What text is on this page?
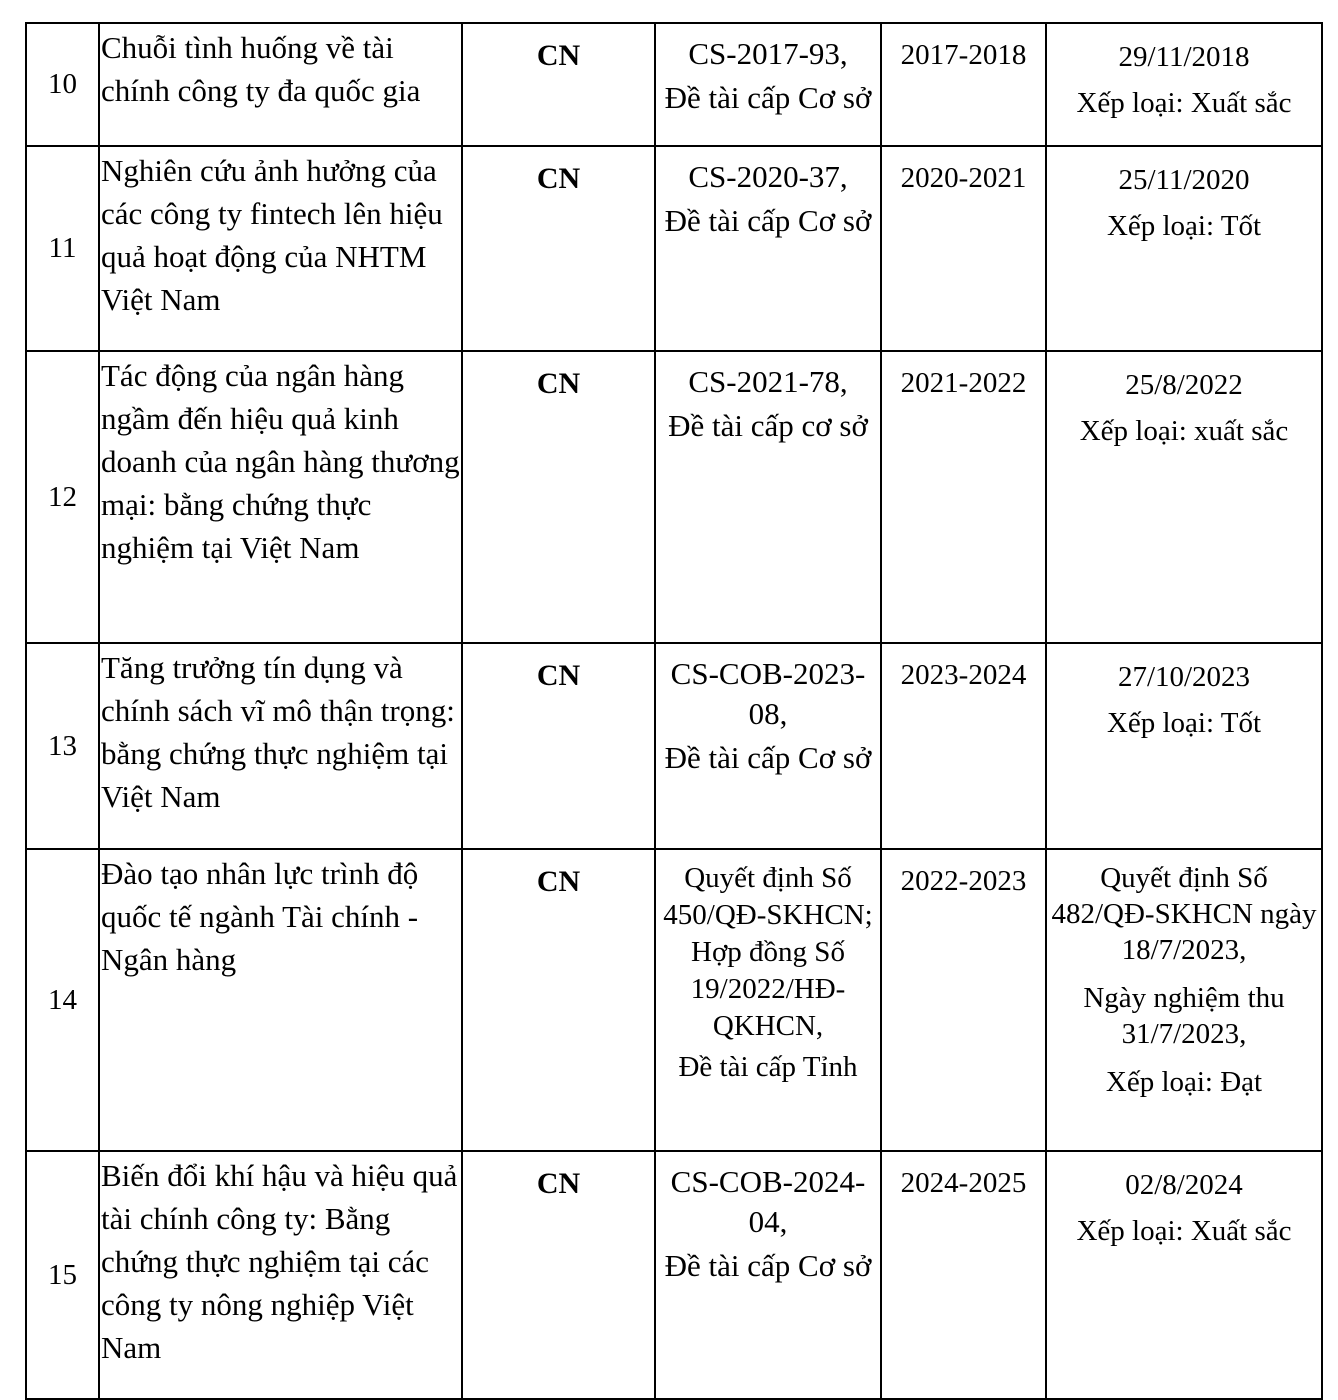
10	Chuỗi tình huống về tài chính công ty đa quốc gia	CN	CS-2017-93,
Đề tài cấp Cơ sở	2017-2018	29/11/2018
Xếp loại: Xuất sắc

11	Nghiên cứu ảnh hưởng của các công ty fintech lên hiệu quả hoạt động của NHTM Việt Nam	CN	CS-2020-37,
Đề tài cấp Cơ sở	2020-2021	25/11/2020
Xếp loại: Tốt

12	Tác động của ngân hàng ngầm đến hiệu quả kinh doanh của ngân hàng thương mại: bằng chứng thực nghiệm tại Việt Nam	CN	CS-2021-78,
Đề tài cấp cơ sở	2021-2022	25/8/2022
Xếp loại: xuất sắc

13	Tăng trưởng tín dụng và chính sách vĩ mô thận trọng: bằng chứng thực nghiệm tại Việt Nam	CN	CS-COB-2023-08,
Đề tài cấp Cơ sở	2023-2024	27/10/2023
Xếp loại: Tốt

14	Đào tạo nhân lực trình độ quốc tế ngành Tài chính - Ngân hàng	CN	Quyết định Số 450/QĐ-SKHCN; Hợp đồng Số 19/2022/HĐ-QKHCN,
Đề tài cấp Tỉnh	2022-2023	Quyết định Số 482/QĐ-SKHCN ngày 18/7/2023,
Ngày nghiệm thu 31/7/2023,
Xếp loại: Đạt

15	Biến đổi khí hậu và hiệu quả tài chính công ty: Bằng chứng thực nghiệm tại các công ty nông nghiệp Việt Nam	CN	CS-COB-2024-04,
Đề tài cấp Cơ sở	2024-2025	02/8/2024
Xếp loại: Xuất sắc
